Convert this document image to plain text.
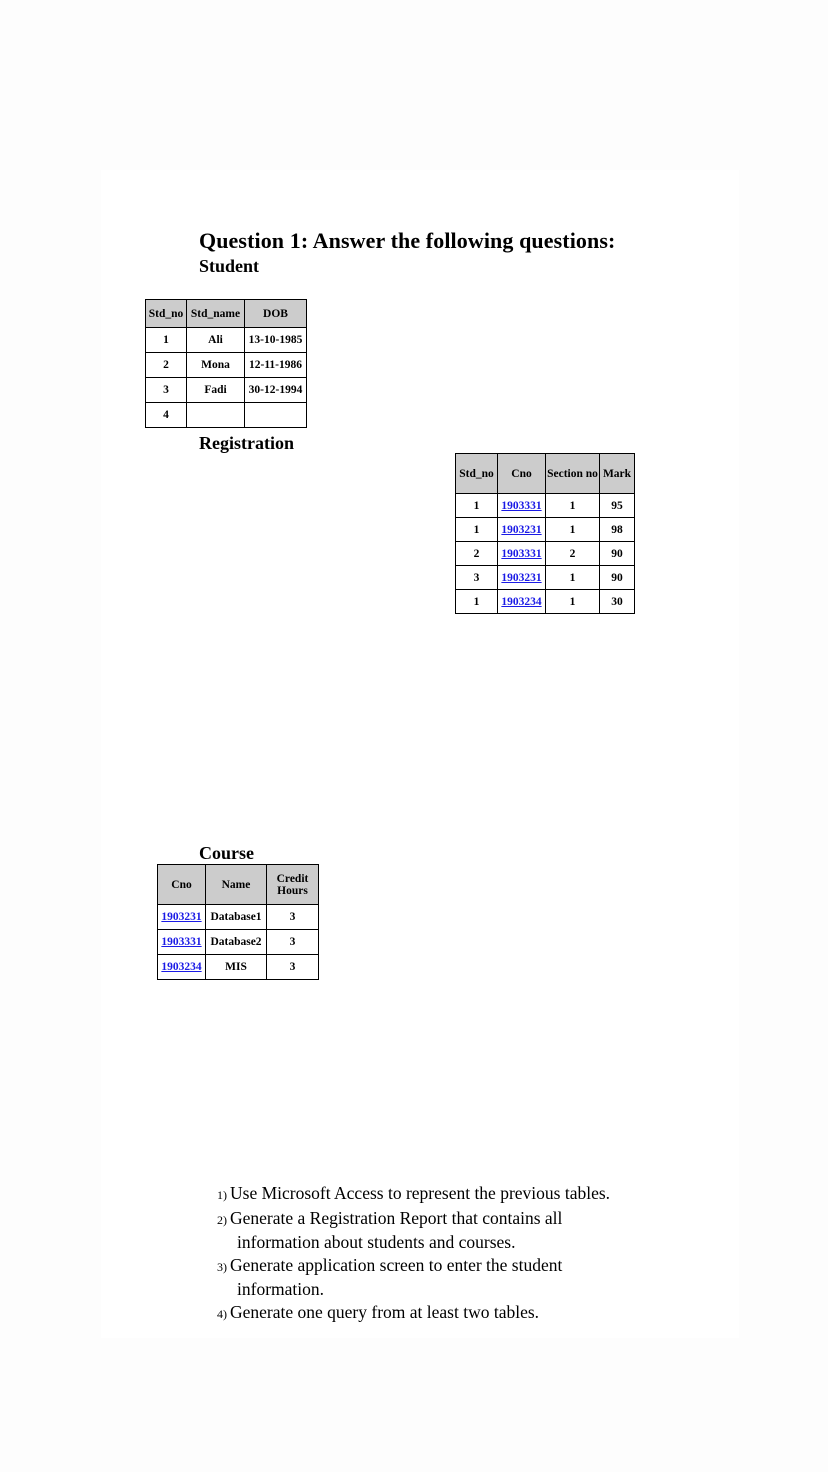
Question 1: Answer the following questions:
Student
Std_no	Std_name	DOB
1	Ali	13-10-1985
2	Mona	12-11-1986
3	Fadi	30-12-1994
4		
Registration
Std_no	Cno	Section no	Mark
1	1903331	1	95
1	1903231	1	98
2	1903331	2	90
3	1903231	1	90
1	1903234	1	30
Course
Cno	Name	Credit Hours
1903231	Database1	3
1903331	Database2	3
1903234	MIS	3
1) Use Microsoft Access to represent the previous tables.
2) Generate a Registration Report that contains all
information about students and courses.
3) Generate application screen to enter the student
information.
4) Generate one query from at least two tables.
